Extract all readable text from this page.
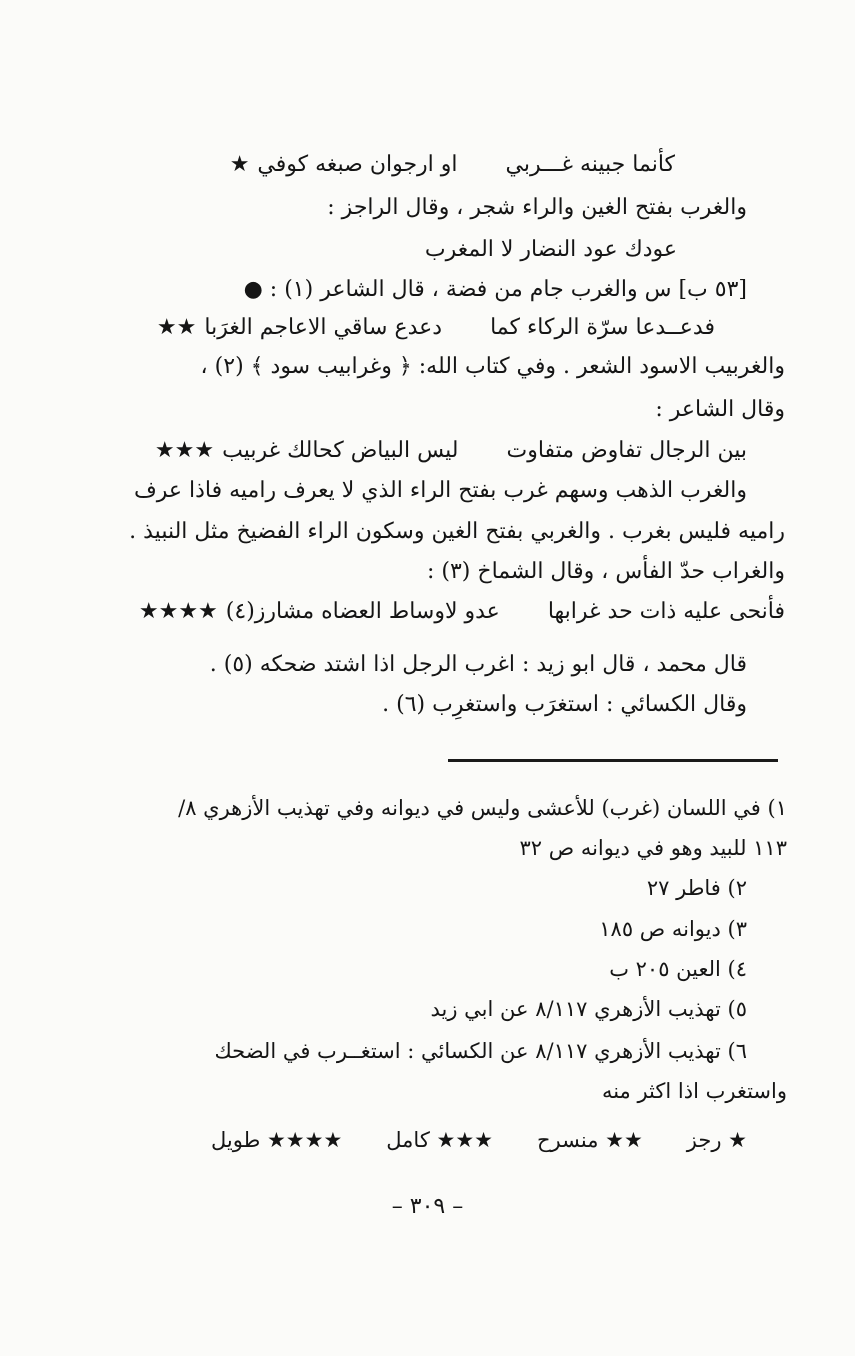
كأنما جبينه غـــربي
او ارجوان صبغه كوفي
★
والغرب بفتح الغين والراء شجر ، وقال الراجز :
عودك عود النضار لا المغرب
[٥٣ ب] س والغرب جام من فضة ، قال الشاعر (١) : ●
فدعــدعا سرّة الركاء كما
دعدع ساقي الاعاجم الغرَبا
★★
والغربيب الاسود الشعر . وفي كتاب الله: ﴿ وغرابيب سود ﴾ (٢) ،
وقال الشاعر :
بين الرجال تفاوض متفاوت
ليس البياض كحالك غربيب
★★★
والغرب الذهب وسهم غرب بفتح الراء الذي لا يعرف راميه فاذا عرف
راميه فليس بغرب . والغربي بفتح الغين وسكون الراء الفضيخ مثل النبيذ .
والغراب حدّ الفأس ، وقال الشماخ (٣) :
فأنحى عليه ذات حد غرابها
عدو لاوساط العضاه مشارز(٤)
★★★★
قال محمد ، قال ابو زيد : اغرب الرجل اذا اشتد ضحكه (٥) .
وقال الكسائي : استغرَب واستغرِب (٦) .
١) في اللسان (غرب) للأعشى وليس في ديوانه وفي تهذيب الأزهري ٨/
١١٣ للبيد وهو في ديوانه ص ٣٢
٢) فاطر ٢٧
٣) ديوانه ص ١٨٥
٤) العين ٢٠٥ ب
٥) تهذيب الأزهري ٨/١١٧ عن ابي زيد
٦) تهذيب الأزهري ٨/١١٧ عن الكسائي : استغــرب في الضحك
واستغرب اذا اكثر منه
★ رجز
★★ منسرح
★★★ كامل
★★★★ طويل
– ٣٠٩ –
